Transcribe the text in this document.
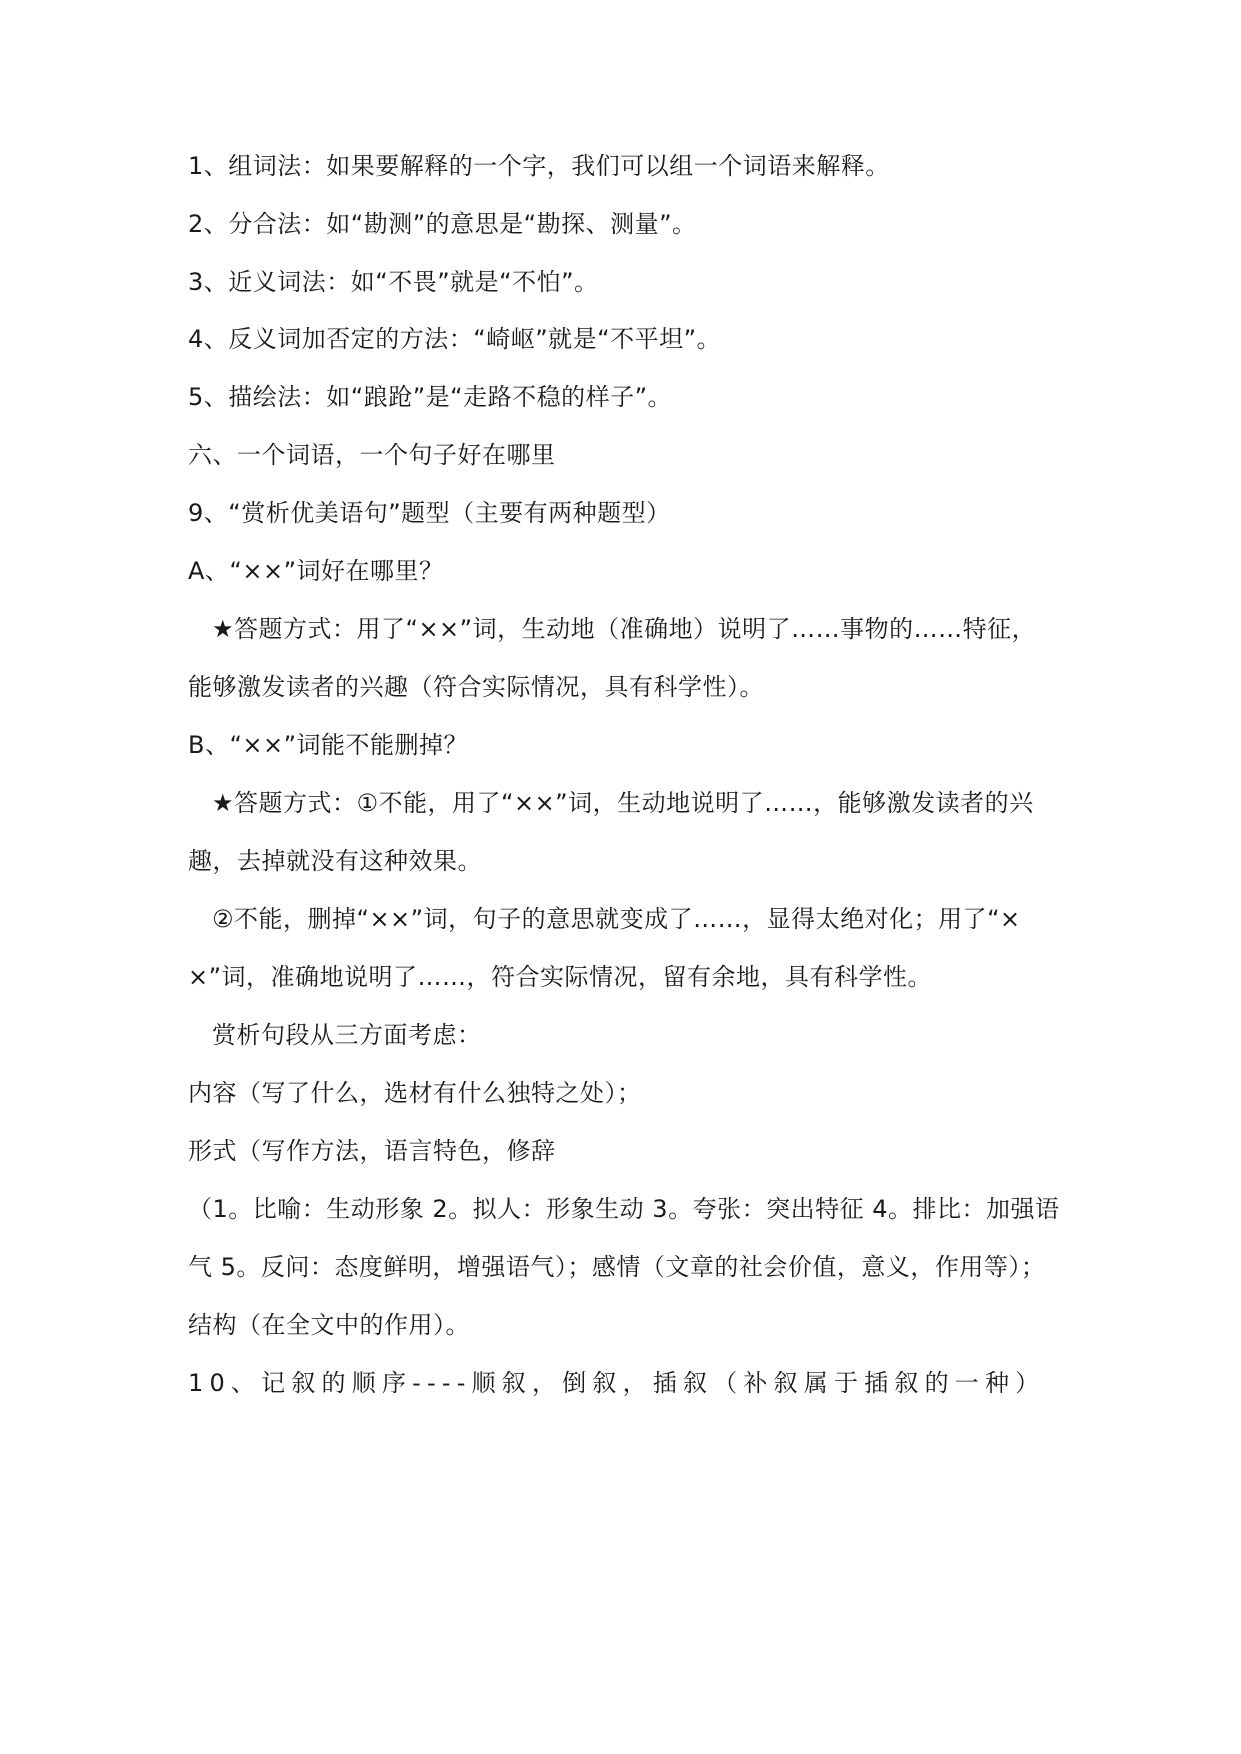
1、组词法：如果要解释的一个字，我们可以组一个词语来解释。
2、分合法：如“勘测”的意思是“勘探、测量”。
3、近义词法：如“不畏”就是“不怕”。
4、反义词加否定的方法：“崎岖”就是“不平坦”。
5、描绘法：如“踉跄”是“走路不稳的样子”。
六、一个词语，一个句子好在哪里
9、“赏析优美语句”题型（主要有两种题型）
A、“××”词好在哪里？
★答题方式：用了“××”词，生动地（准确地）说明了……事物的……特征，
能够激发读者的兴趣（符合实际情况，具有科学性）。
B、“××”词能不能删掉？
★答题方式：①不能，用了“××”词，生动地说明了……，能够激发读者的兴
趣，去掉就没有这种效果。
②不能，删掉“××”词，句子的意思就变成了……，显得太绝对化；用了“×
×”词，准确地说明了……，符合实际情况，留有余地，具有科学性。
赏析句段从三方面考虑：
内容（写了什么，选材有什么独特之处）；
形式（写作方法，语言特色，修辞
（1。比喻：生动形象 2。拟人：形象生动 3。夸张：突出特征 4。排比：加强语
气 5。反问：态度鲜明，增强语气）；感情（文章的社会价值，意义，作用等）；
结构（在全文中的作用）。
10、记叙的顺序----顺叙，倒叙，插叙（补叙属于插叙的一种）
